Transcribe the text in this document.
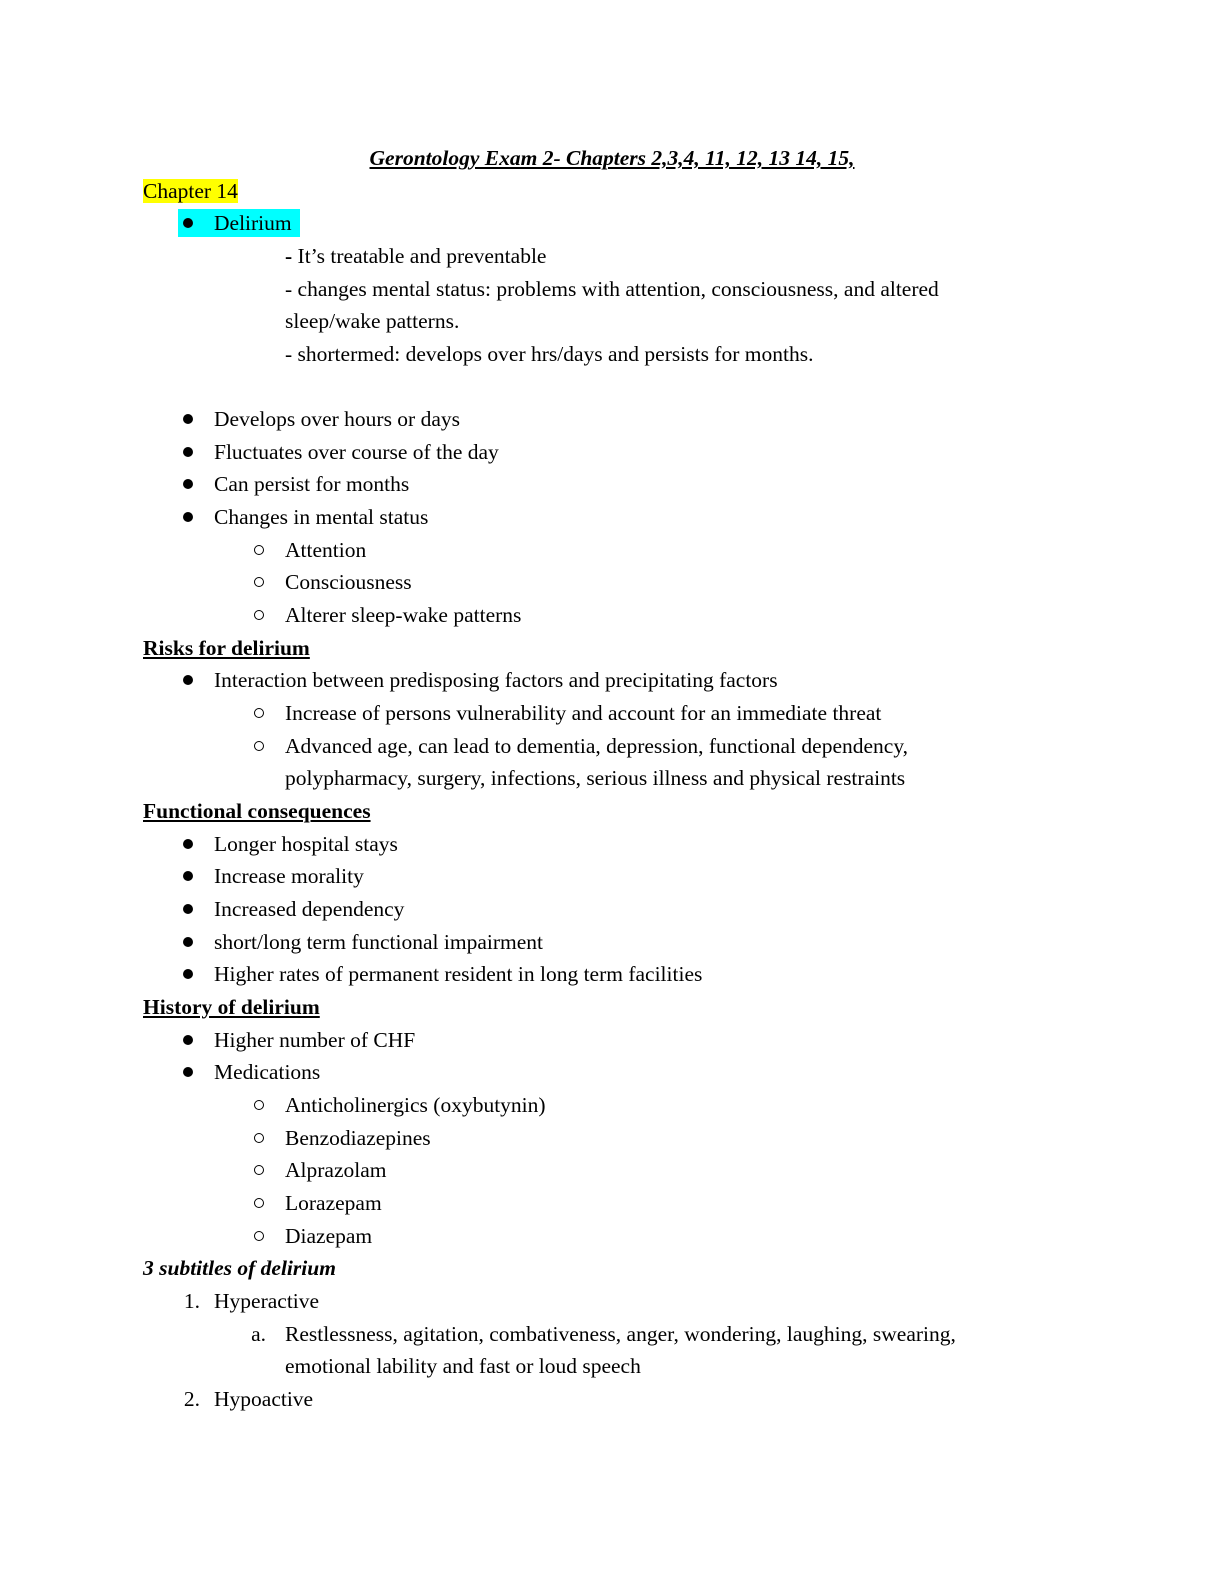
Gerontology Exam 2- Chapters 2,3,4, 11, 12, 13 14, 15,
Chapter 14
Delirium
- It’s treatable and preventable
- changes mental status: problems with attention, consciousness, and altered
sleep/wake patterns.
- shortermed: develops over hrs/days and persists for months.
Develops over hours or days
Fluctuates over course of the day
Can persist for months
Changes in mental status
Attention
Consciousness
Alterer sleep-wake patterns
Risks for delirium
Interaction between predisposing factors and precipitating factors
Increase of persons vulnerability and account for an immediate threat
Advanced age, can lead to dementia, depression, functional dependency,
polypharmacy, surgery, infections, serious illness and physical restraints
Functional consequences
Longer hospital stays
Increase morality
Increased dependency
short/long term functional impairment
Higher rates of permanent resident in long term facilities
History of delirium
Higher number of CHF
Medications
Anticholinergics (oxybutynin)
Benzodiazepines
Alprazolam
Lorazepam
Diazepam
3 subtitles of delirium
1. Hyperactive
a. Restlessness, agitation, combativeness, anger, wondering, laughing, swearing,
emotional lability and fast or loud speech
2. Hypoactive
